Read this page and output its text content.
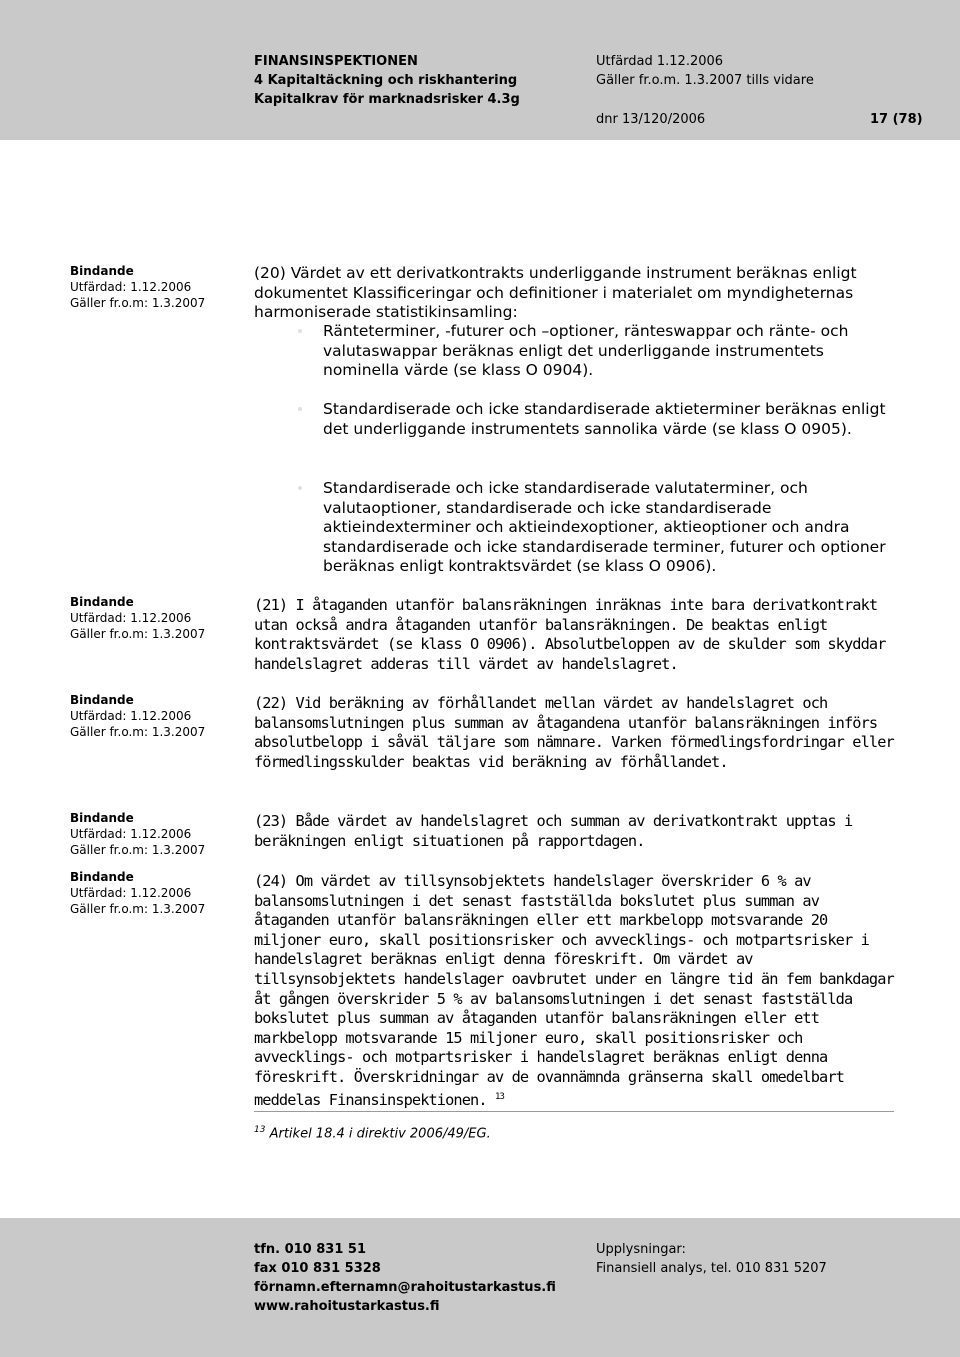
FINANSINSPEKTIONEN
4 Kapitaltäckning och riskhantering
Kapitalkrav för marknadsrisker 4.3g
Utfärdad 1.12.2006
Gäller fr.o.m. 1.3.2007 tills vidare
dnr 13/120/2006	17 (78)
Bindande
Utfärdad: 1.12.2006
Gäller fr.o.m: 1.3.2007
Bindande
Utfärdad: 1.12.2006
Gäller fr.o.m: 1.3.2007
Bindande
Utfärdad: 1.12.2006
Gäller fr.o.m: 1.3.2007
Bindande
Utfärdad: 1.12.2006
Gäller fr.o.m: 1.3.2007
Bindande
Utfärdad: 1.12.2006
Gäller fr.o.m: 1.3.2007
(20) Värdet av ett derivatkontrakts underliggande instrument beräknas enligt dokumentet Klassificeringar och definitioner i materialet om myndigheternas harmoniserade statistikinsamling:
Ränteterminer, -futurer och –optioner, ränteswappar och ränte- och valutaswappar beräknas enligt det underliggande instrumentets nominella värde (se klass O 0904).
Standardiserade och icke standardiserade aktieterminer beräknas enligt det underliggande instrumentets sannolika värde (se klass O 0905).
Standardiserade och icke standardiserade valutaterminer, och valutaoptioner, standardiserade och icke standardiserade aktieindexterminer och aktieindexoptioner, aktieoptioner och andra standardiserade och icke standardiserade terminer, futurer och optioner beräknas enligt kontraktsvärdet (se klass O 0906).
(21) I åtaganden utanför balansräkningen inräknas inte bara derivatkontrakt utan också andra åtaganden utanför balansräkningen. De beaktas enligt kontraktsvärdet (se klass O 0906). Absolutbeloppen av de skulder som skyddar handelslagret adderas till värdet av handelslagret.
(22) Vid beräkning av förhållandet mellan värdet av handelslagret och balansomslutningen plus summan av åtagandena utanför balansräkningen införs absolutbelopp i såväl täljare som nämnare. Varken förmedlingsfordringar eller förmedlingsskulder beaktas vid beräkning av förhållandet.
(23) Både värdet av handelslagret och summan av derivatkontrakt upptas i beräkningen enligt situationen på rapportdagen.
(24) Om värdet av tillsynsobjektets handelslager överskrider 6 % av balansomslutningen i det senast fastställda bokslutet plus summan av åtaganden utanför balansräkningen eller ett markbelopp motsvarande 20 miljoner euro, skall positionsrisker och avvecklings- och motpartsrisker i handelslagret beräknas enligt denna föreskrift. Om värdet av tillsynsobjektets handelslager oavbrutet under en längre tid än fem bankdagar åt gången överskrider 5 % av balansomslutningen i det senast fastställda bokslutet plus summan av åtaganden utanför balansräkningen eller ett markbelopp motsvarande 15 miljoner euro, skall positionsrisker och avvecklings- och motpartsrisker i handelslagret beräknas enligt denna föreskrift. Överskridningar av de ovannämnda gränserna skall omedelbart meddelas Finansinspektionen. $^{13}$
$^{13}$ Artikel 18.4 i direktiv 2006/49/EG.
tfn. 010 831 51
fax 010 831 5328
förnamn.efternamn@rahoitustarkastus.fi
www.rahoitustarkastus.fi
Upplysningar:
Finansiell analys, tel. 010 831 5207
